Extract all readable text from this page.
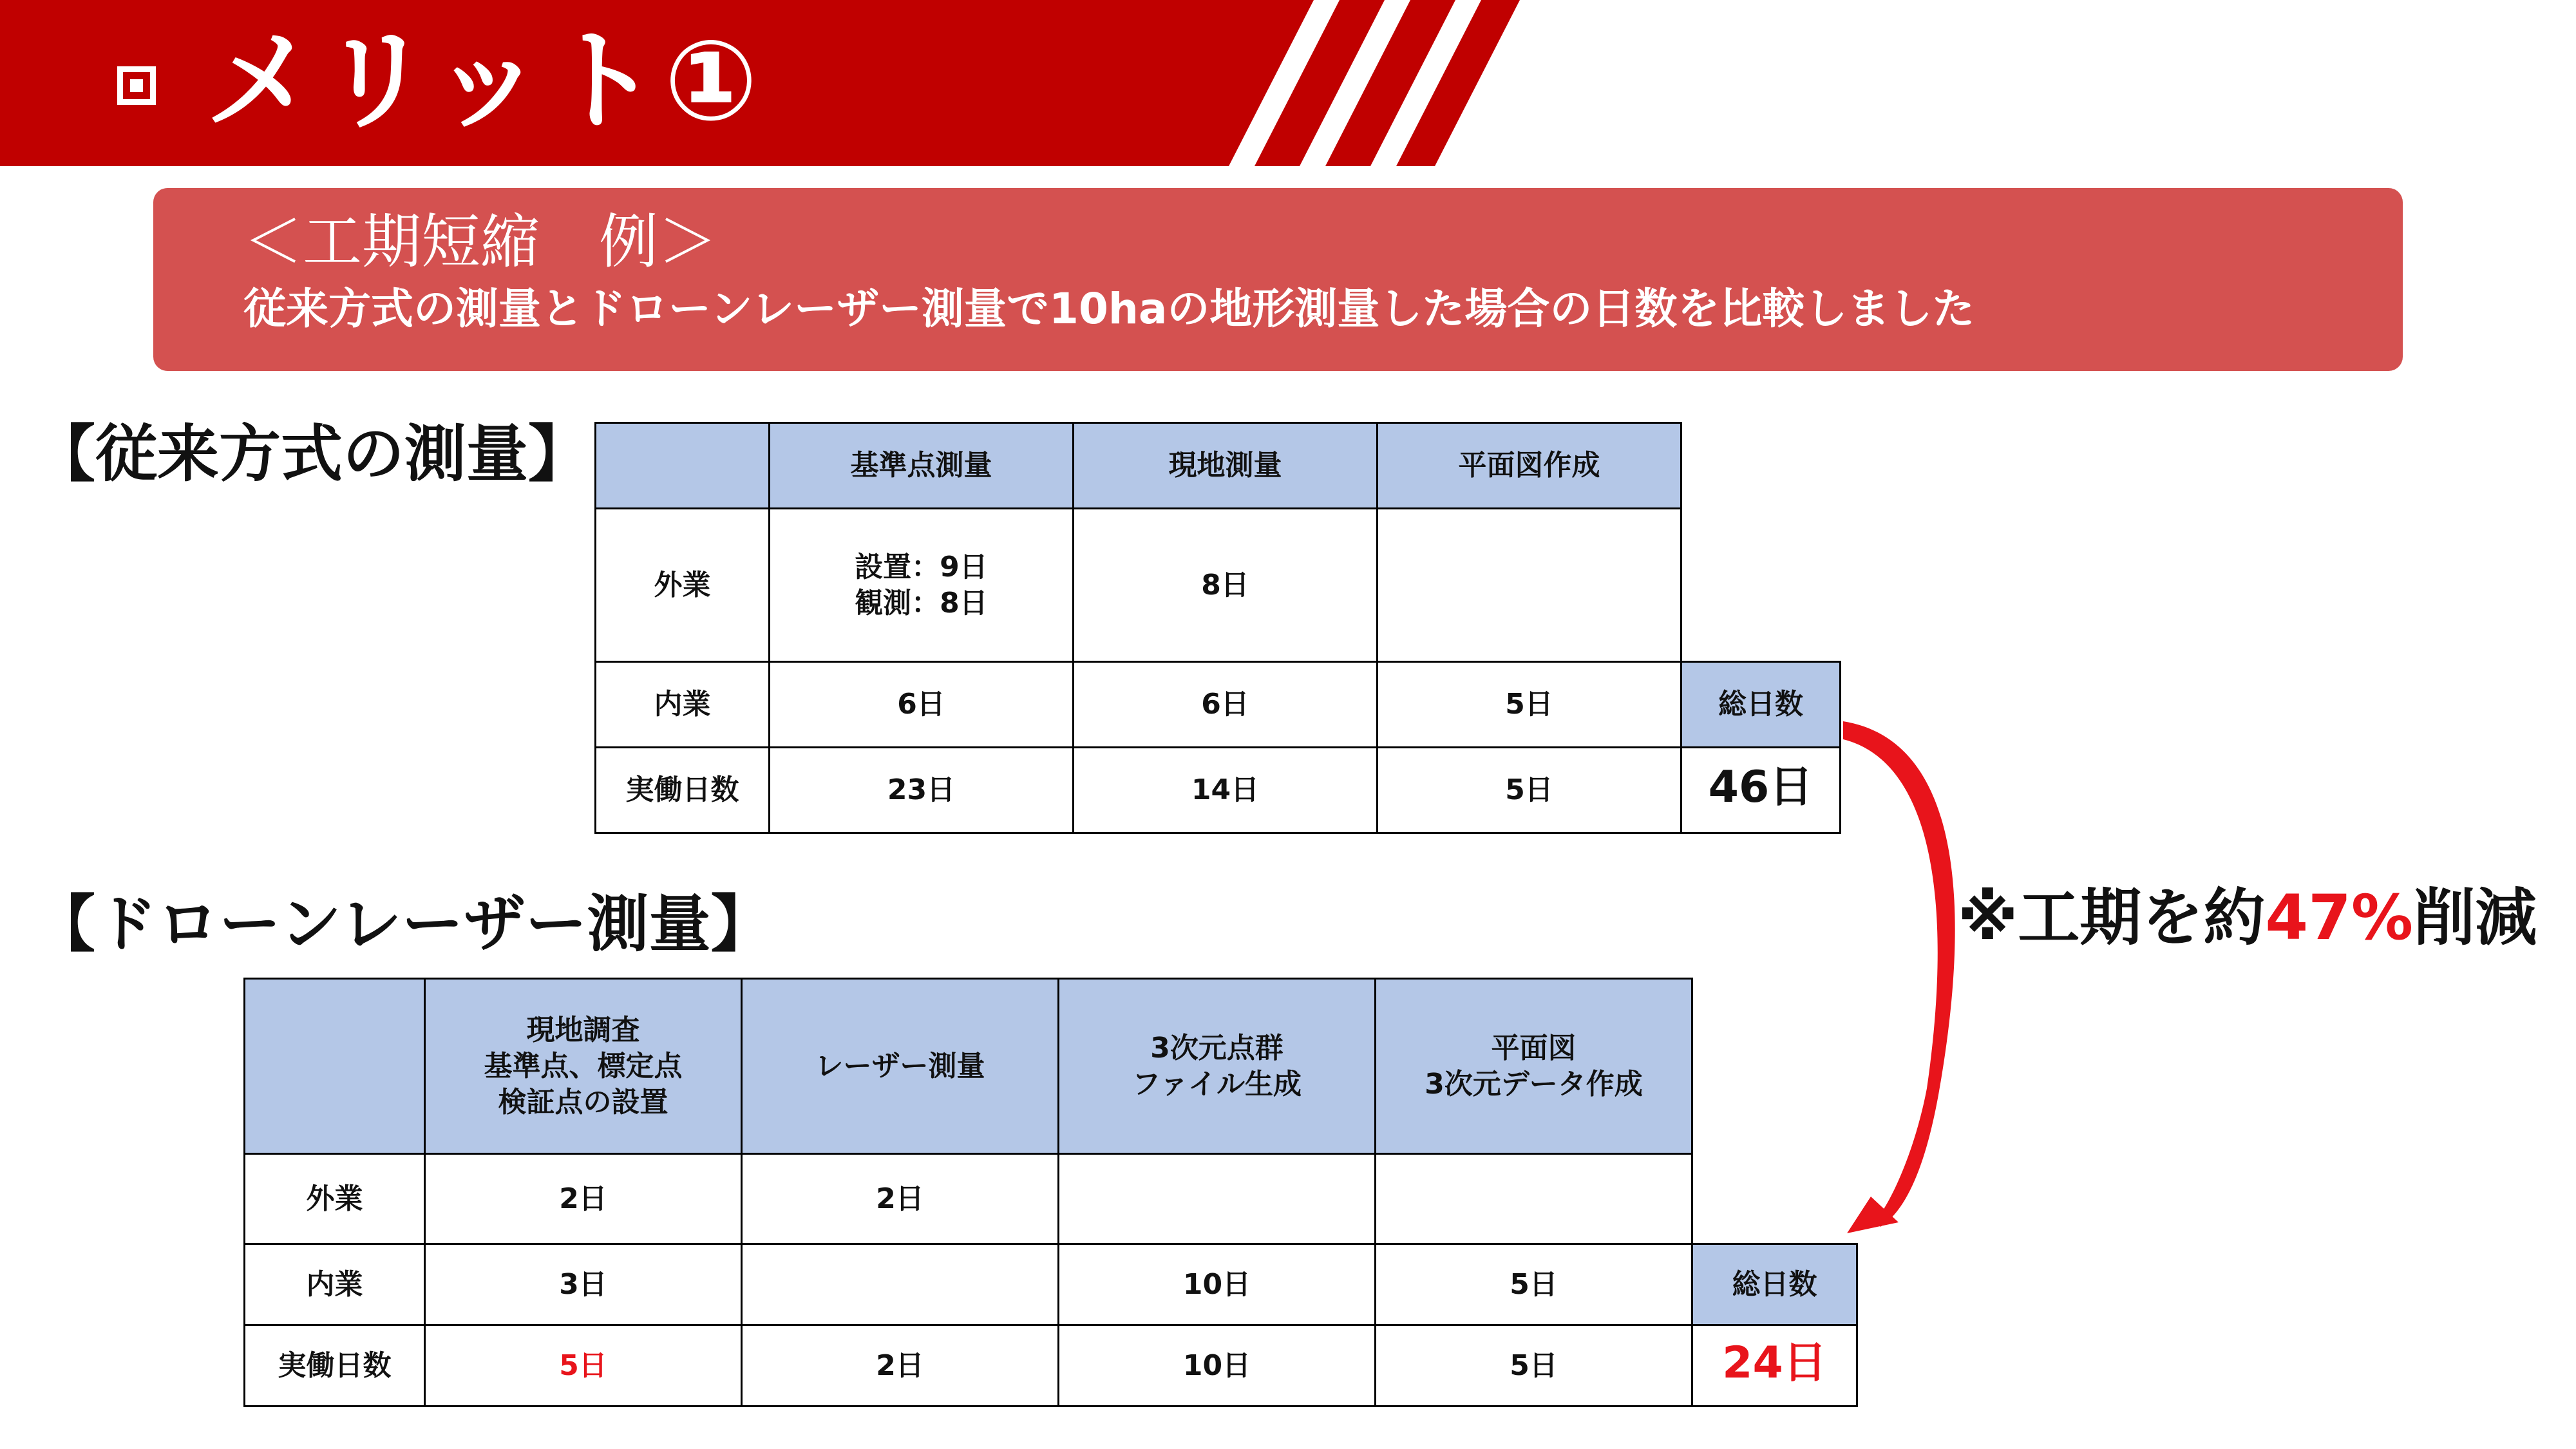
メリット①
＜工期短縮　例＞
従来方式の測量とドローンレーザー測量で10haの地形測量した場合の日数を比較しました
【従来方式の測量】
		基準点測量	現地測量	平面図作成	
外業	設置：9日
観測：8日	8日		
内業	6日	6日	5日	総日数
実働日数	23日	14日	5日	46日
【ドローンレーザー測量】
	現地調査
基準点、標定点
検証点の設置	レーザー測量	3次元点群
ファイル生成	平面図
3次元データ作成	
外業	2日	2日			
内業	3日		10日	5日	総日数
実働日数	5日	2日	10日	5日	24日
※工期を約47%削減
